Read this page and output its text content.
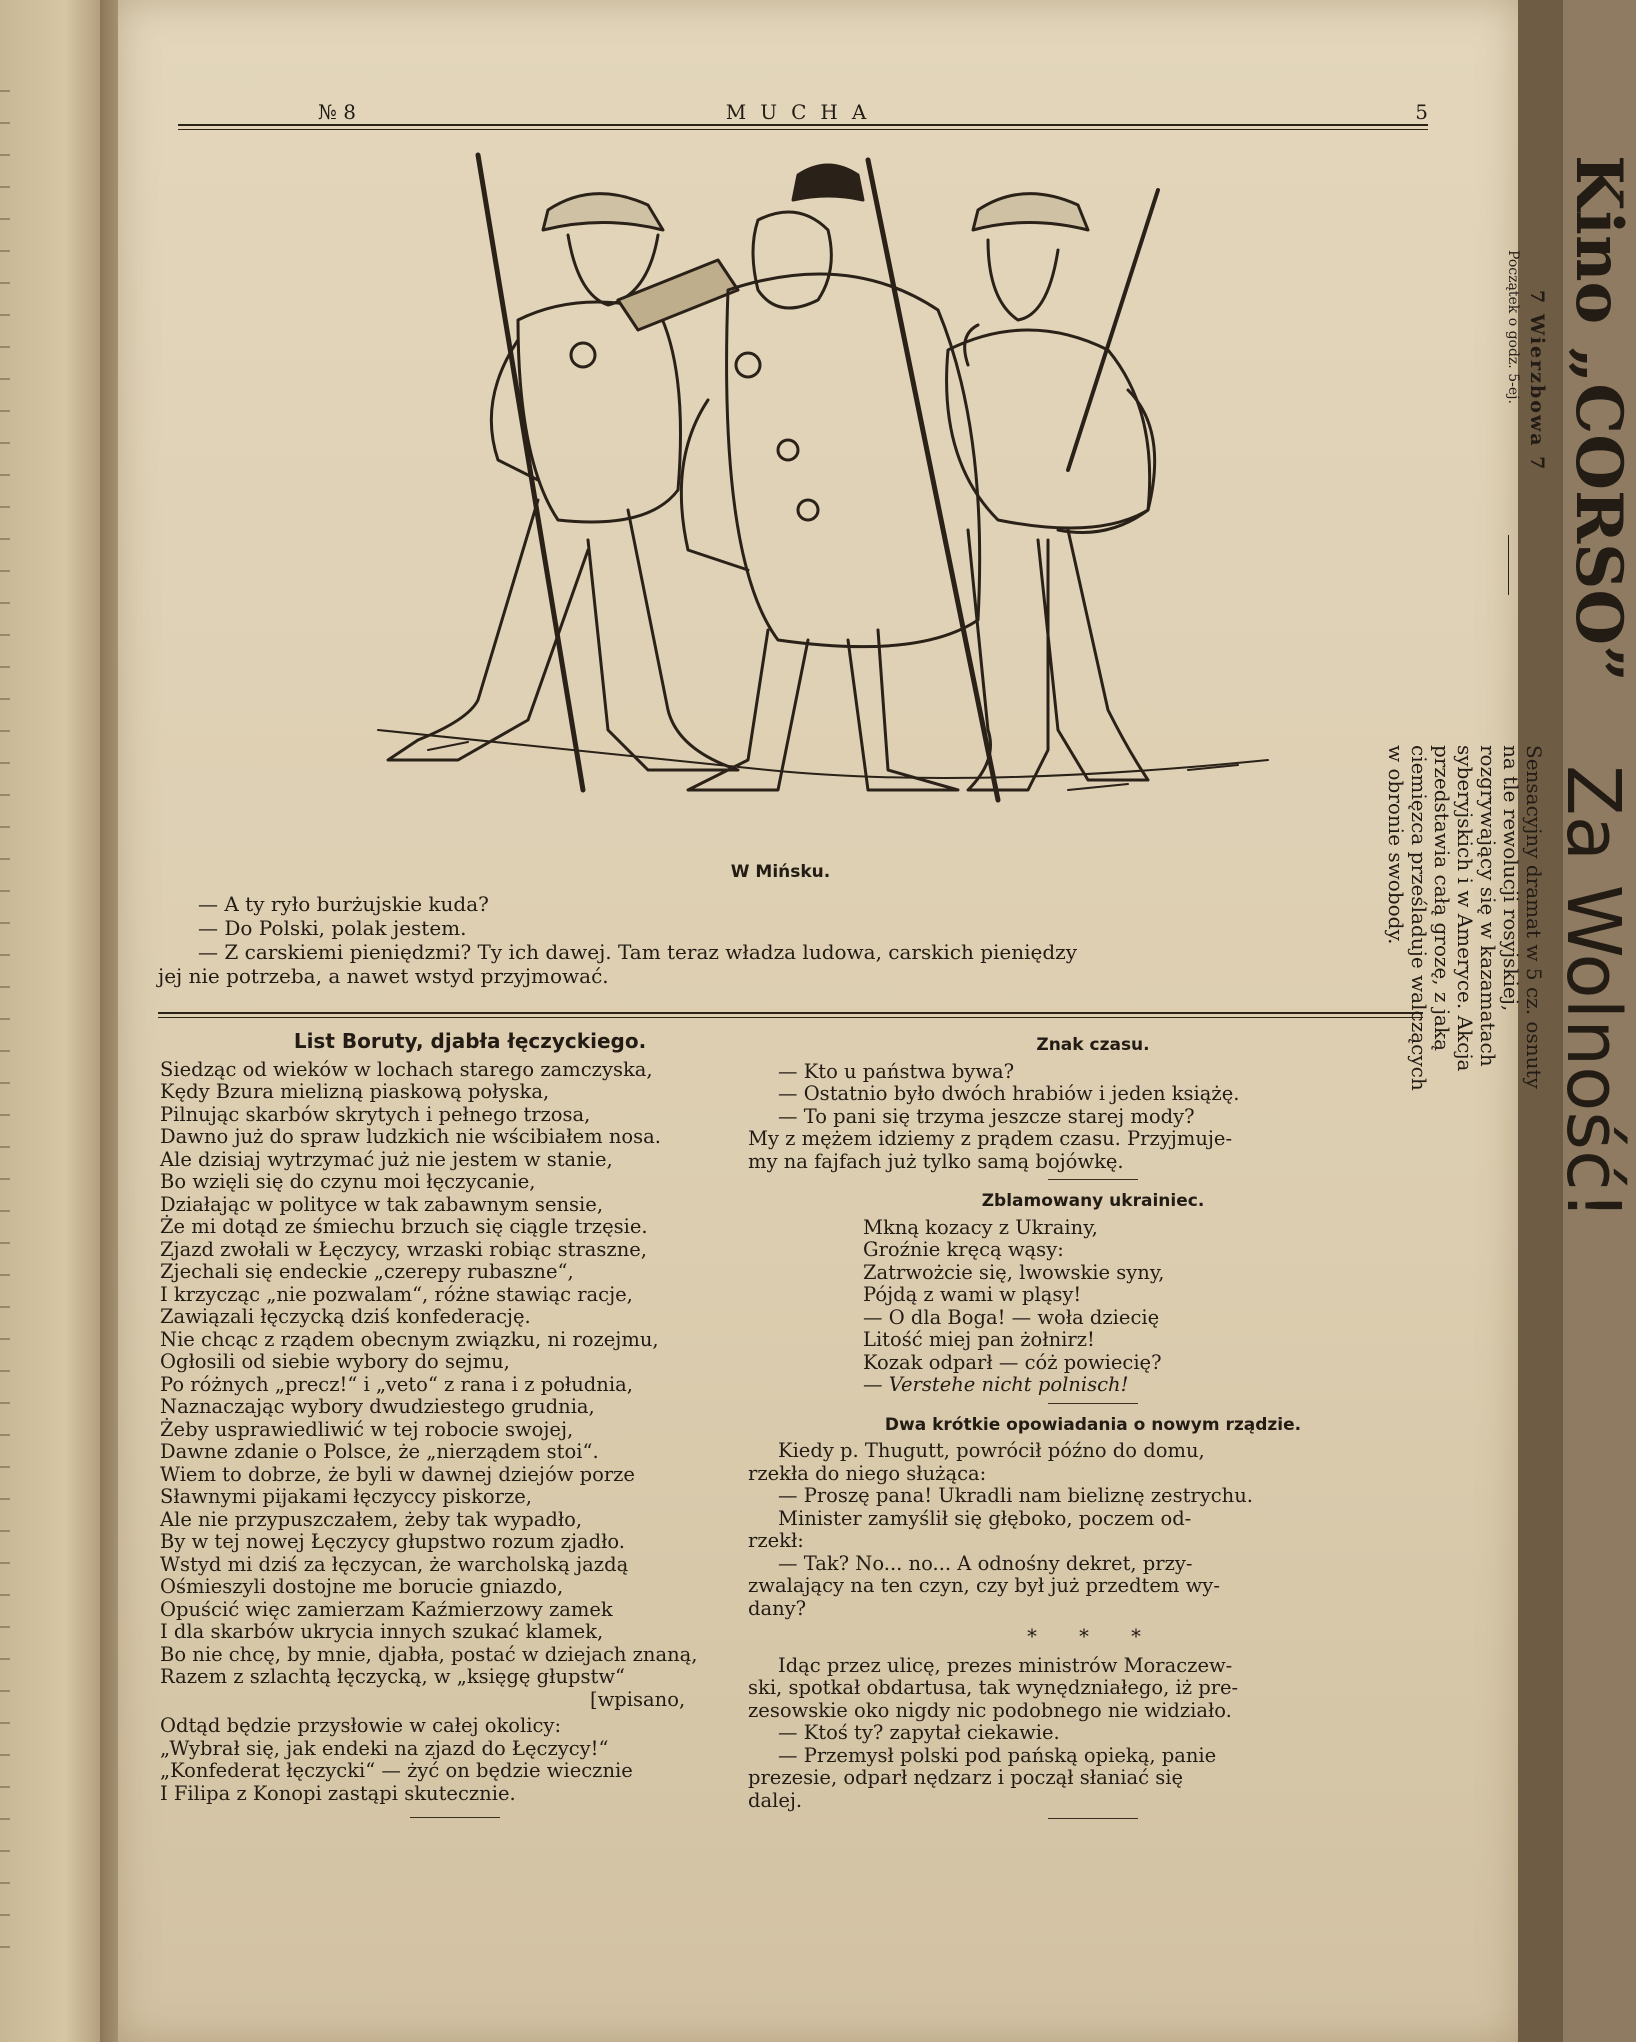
№ 8	MUCHA	5
W Mińsku.
— A ty ryło burżujskie kuda?
— Do Polski, polak jestem.
— Z carskiemi pieniędzmi? Ty ich dawej. Tam teraz władza ludowa, carskich pieniędzy
jej nie potrzeba, a nawet wstyd przyjmować.
List Boruty, djabła łęczyckiego.
Siedząc od wieków w lochach starego zamczyska,
Kędy Bzura mielizną piaskową połyska,
Pilnując skarbów skrytych i pełnego trzosa,
Dawno już do spraw ludzkich nie wścibiałem nosa.
Ale dzisiaj wytrzymać już nie jestem w stanie,
Bo wzięli się do czynu moi łęczycanie,
Działając w polityce w tak zabawnym sensie,
Że mi dotąd ze śmiechu brzuch się ciągle trzęsie.
Zjazd zwołali w Łęczycy, wrzaski robiąc straszne,
Zjechali się endeckie „czerepy rubaszne“,
I krzycząc „nie pozwalam“, różne stawiąc racje,
Zawiązali łęczycką dziś konfederację.
Nie chcąc z rządem obecnym związku, ni rozejmu,
Ogłosili od siebie wybory do sejmu,
Po różnych „precz!“ i „veto“ z rana i z południa,
Naznaczając wybory dwudziestego grudnia,
Żeby usprawiedliwić w tej robocie swojej,
Dawne zdanie o Polsce, że „nierządem stoi“.
Wiem to dobrze, że byli w dawnej dziejów porze
Sławnymi pijakami łęczyccy piskorze,
Ale nie przypuszczałem, żeby tak wypadło,
By w tej nowej Łęczycy głupstwo rozum zjadło.
Wstyd mi dziś za łęczycan, że warcholską jazdą
Ośmieszyli dostojne me borucie gniazdo,
Opuścić więc zamierzam Kaźmierzowy zamek
I dla skarbów ukrycia innych szukać klamek,
Bo nie chcę, by mnie, djabła, postać w dziejach znaną,
Razem z szlachtą łęczycką, w „księgę głupstw“
[wpisano,
Odtąd będzie przysłowie w całej okolicy:
„Wybrał się, jak endeki na zjazd do Łęczycy!“
„Konfederat łęczycki“ — żyć on będzie wiecznie
I Filipa z Konopi zastąpi skutecznie.
Znak czasu.
— Kto u państwa bywa?
— Ostatnio było dwóch hrabiów i jeden książę.
— To pani się trzyma jeszcze starej mody?
My z mężem idziemy z prądem czasu. Przyjmuje-
my na fajfach już tylko samą bojówkę.
Zblamowany ukrainiec.
Mkną kozacy z Ukrainy,
Groźnie kręcą wąsy:
Zatrwożcie się, lwowskie syny,
Pójdą z wami w pląsy!
— O dla Boga! — woła dziecię
Litość miej pan żołnirz!
Kozak odparł — cóż powiecię?
— Verstehe nicht polnisch!
Dwa krótkie opowiadania o nowym rządzie.
Kiedy p. Thugutt, powrócił późno do domu,
rzekła do niego służąca:
— Proszę pana! Ukradli nam bieliznę zestrychu.
Minister zamyślił się głęboko, poczem od-
rzekł:
— Tak? No... no... A odnośny dekret, przy-
zwalający na ten czyn, czy był już przedtem wy-
dany?
* * *
Idąc przez ulicę, prezes ministrów Moraczew-
ski, spotkał obdartusa, tak wynędzniałego, iż pre-
zesowskie oko nigdy nic podobnego nie widziało.
— Ktoś ty? zapytał ciekawie.
— Przemysł polski pod pańską opieką, panie
prezesie, odparł nędzarz i począł słaniać się
dalej.
Kino „CORSO”
7 Wierzbowa 7
Początek o godz. 5-ej.
Za Wolność!
Sensacyjny dramat w 5 cz. osnuty na tle rewolucji rosyjskiej, rozgrywający się w kazamatach syberyjskich i w Ameryce. Akcja przedstawia całą grozę, z jaką ciemięzca prześladuje walczących w obronie swobody.
